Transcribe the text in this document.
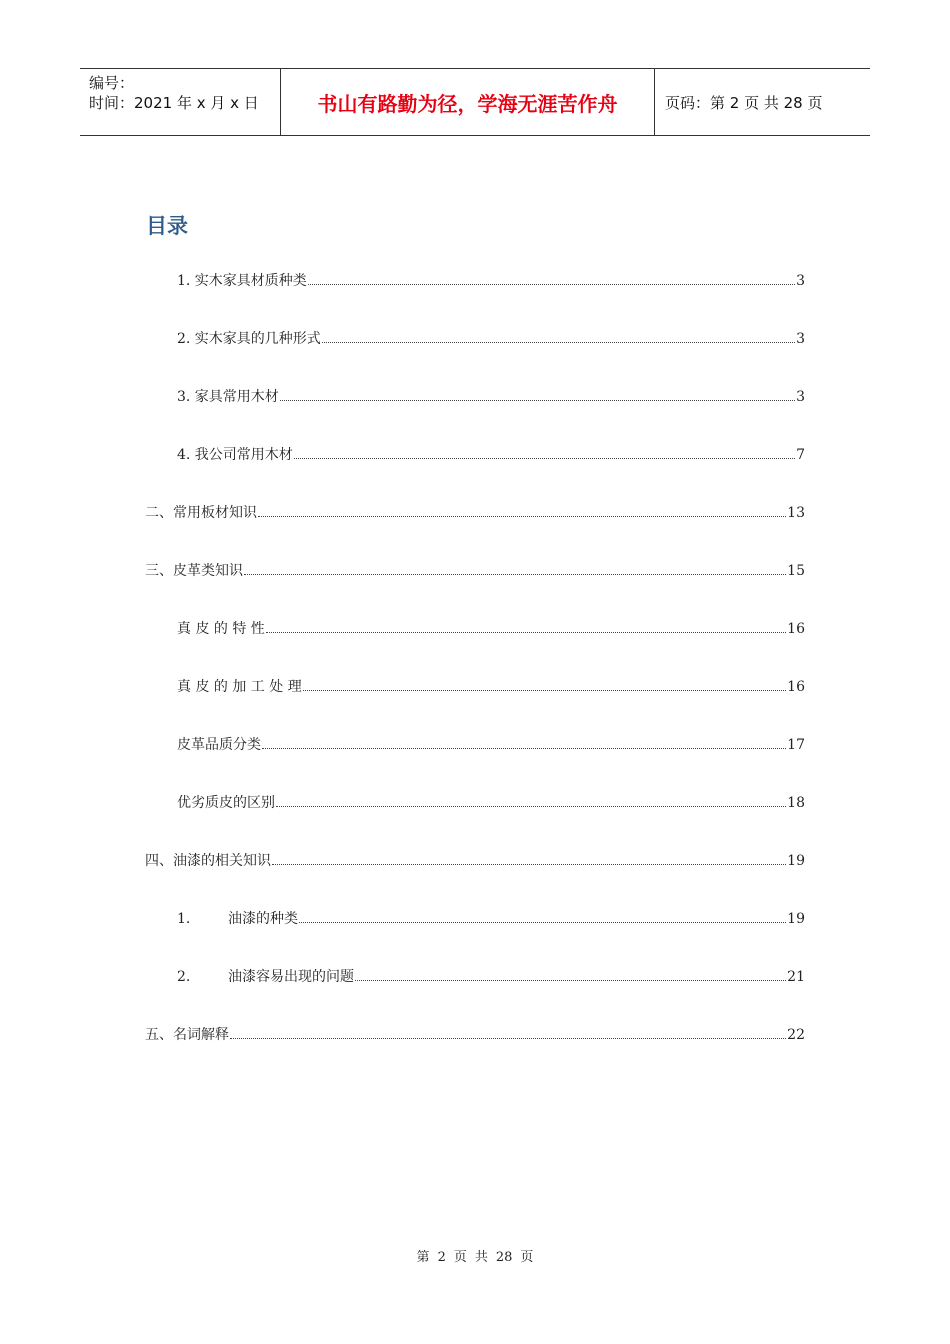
编号：
时间：2021 年 x 月 x 日	书山有路勤为径，学海无涯苦作舟	页码：第 2 页 共 28 页
目录
1. 实木家具材质种类	3
2. 实木家具的几种形式	3
3. 家具常用木材	3
4. 我公司常用木材	7
二、常用板材知识	13
三、皮革类知识	15
真 皮 的 特 性	16
真 皮 的 加 工 处 理	16
皮革品质分类	17
优劣质皮的区别	18
四、油漆的相关知识	19
1.	油漆的种类	19
2.	油漆容易出现的问题	21
五、名词解释	22
第 2 页 共 28 页
